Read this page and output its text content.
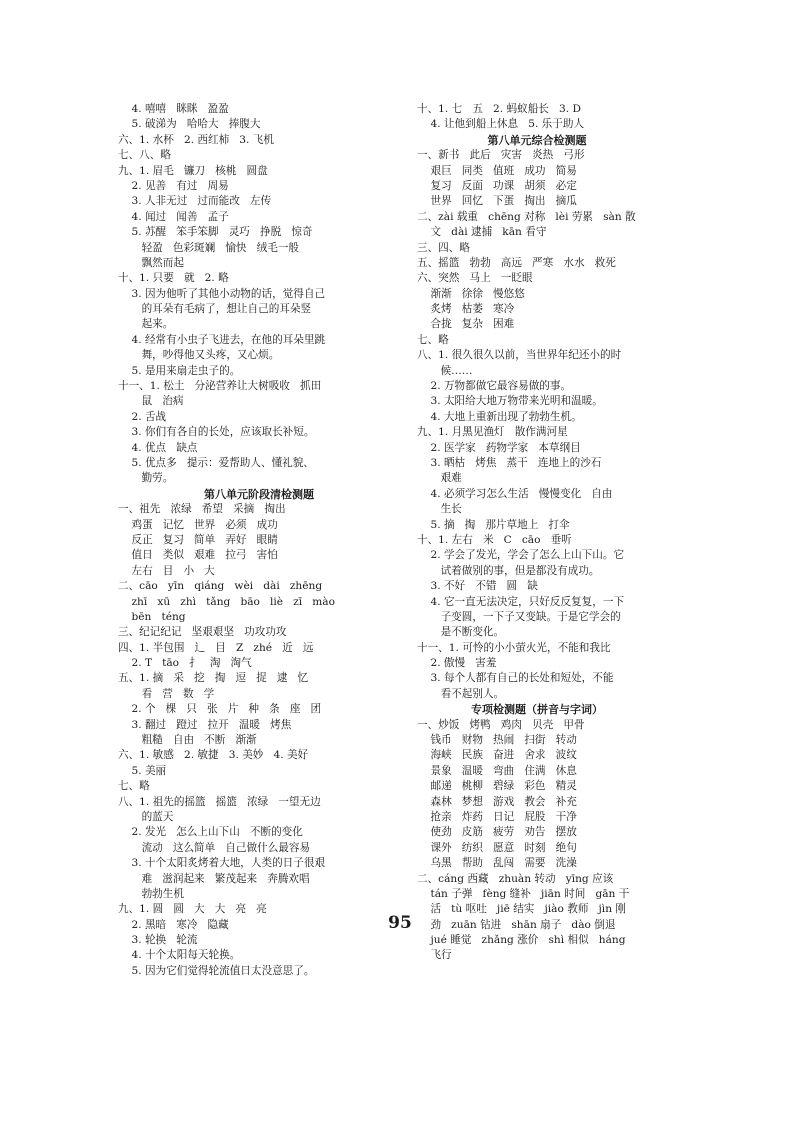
4. 嘻嘻   眯眯   盈盈
5. 破涕为   哈哈大   捧腹大
六、1. 水杯   2. 西红柿   3. 飞机
七、八、略
九、1. 眉毛   镰刀   核桃   圆盘
2. 见善   有过   周易
3. 人非无过   过而能改   左传
4. 闻过   闻善   孟子
5. 苏醒   笨手笨脚   灵巧   挣脱   惊奇
轻盈   色彩斑斓   愉快   绒毛一般
飘然而起
十、1. 只要   就   2. 略
3. 因为他听了其他小动物的话，觉得自己
的耳朵有毛病了，想让自己的耳朵竖
起来。
4. 经常有小虫子飞进去，在他的耳朵里跳
舞，吵得他又头疼，又心烦。
5. 是用来扇走虫子的。
十一、1. 松土   分泌营养让大树吸收   抓田
鼠   治病
2. 舌战
3. 你们有各自的长处，应该取长补短。
4. 优点   缺点
5. 优点多   提示：爱帮助人、懂礼貌、
勤劳。
第八单元阶段清检测题
一、祖先   浓绿   希望   采摘   掏出
鸡蛋   记忆   世界   必须   成功
反正   复习   简单   弄好   眼睛
值日   类似   艰难   拉弓   害怕
左右   目   小   大
二、cāo   yīn   qiáng   wèi   dài   zhēng
zhī   xū   zhì   tǎng   bāo   liè   zī   mào
bēn   téng
三、纪记纪记   坚艰艰坚   功攻功攻
四、1. 半包围   辶   目   Z   zhé   近   远
2. T   tāo   扌   淘   淘气
五、1. 摘   采   挖   掏   逗   捉   逮   忆
看   营   数   学
2. 个   棵   只   张   片   种   条   座   团
3. 翻过   蹬过   拉开   温暖   烤焦
粗糙   自由   不断   渐渐
六、1. 敏感   2. 敏捷   3. 美妙   4. 美好
5. 美丽
七、略
八、1. 祖先的摇篮   摇篮   浓绿   一望无边
的蓝天
2. 发光   怎么上山下山   不断的变化
流动   这么简单   自己做什么最容易
3. 十个太阳炙烤着大地，人类的日子很艰
难   滋润起来   繁茂起来   奔腾欢唱
勃勃生机
九、1. 圆   圆   大   大   亮   亮
2. 黑暗   寒冷   隐藏
3. 轮换   轮流
4. 十个太阳每天轮换。
5. 因为它们觉得轮流值日太没意思了。
十、1. 七   五   2. 蚂蚁船长   3. D
4. 让他到船上休息   5. 乐于助人
第八单元综合检测题
一、新书   此后   灾害   炎热   弓形
艰巨   同类   值班   成功   简易
复习   反面   功课   胡须   必定
世界   回忆   下蛋   掏出   摘瓜
二、zài 载重   chēng 对称   lèi 劳累   sàn 散
文   dài 逮捕   kān 看守
三、四、略
五、摇篮   勃勃   高远   严寒   水水   救死
六、突然   马上   一眨眼
渐渐   徐徐   慢悠悠
炙烤   枯萎   寒冷
合拢   复杂   困难
七、略
八、1. 很久很久以前，当世界年纪还小的时
候……
2. 万物都做它最容易做的事。
3. 太阳给大地万物带来光明和温暖。
4. 大地上重新出现了勃勃生机。
九、1. 月黑见渔灯   散作满河星
2. 医学家   药物学家   本草纲目
3. 晒枯   烤焦   蒸干   连地上的沙石
艰难
4. 必须学习怎么生活   慢慢变化   自由
生长
5. 摘   掏   那片草地上   打伞
十、1. 左右   米   C   cāo   垂听
2. 学会了发光，学会了怎么上山下山。它
试着做别的事，但是都没有成功。
3. 不好   不错   圆   缺
4. 它一直无法决定，只好反反复复，一下
子变圆，一下子又变缺。于是它学会的
是不断变化。
十一、1. 可怜的小小萤火光，不能和我比
2. 傲慢   害羞
3. 每个人都有自己的长处和短处，不能
看不起别人。
专项检测题（拼音与字词）
一、炒饭   烤鸭   鸡肉   贝壳   甲骨
钱币   财物   热闹   扫街   转动
海峡   民族   奋进   舍求   波纹
景象   温暖   弯曲   住满   休息
邮递   桃柳   碧绿   彩色   精灵
森林   梦想   游戏   教会   补充
抢亲   炸药   日记   屁股   干净
使劲   皮筋   疲劳   劝告   摆放
课外   纺织   愿意   时刻   绝句
乌黑   帮助   乱闯   需要   洗澡
二、cáng 西藏   zhuàn 转动   yīng 应该
tán 子弹   fèng 缝补   jiān 时间   gān 干
活   tù 呕吐   jiē 结实   jiào 教师   jìn 刚
劲   zuān 钻进   shān 扇子   dào 倒退
jué 睡觉   zhǎng 涨价   shì 相似   háng
飞行
95
